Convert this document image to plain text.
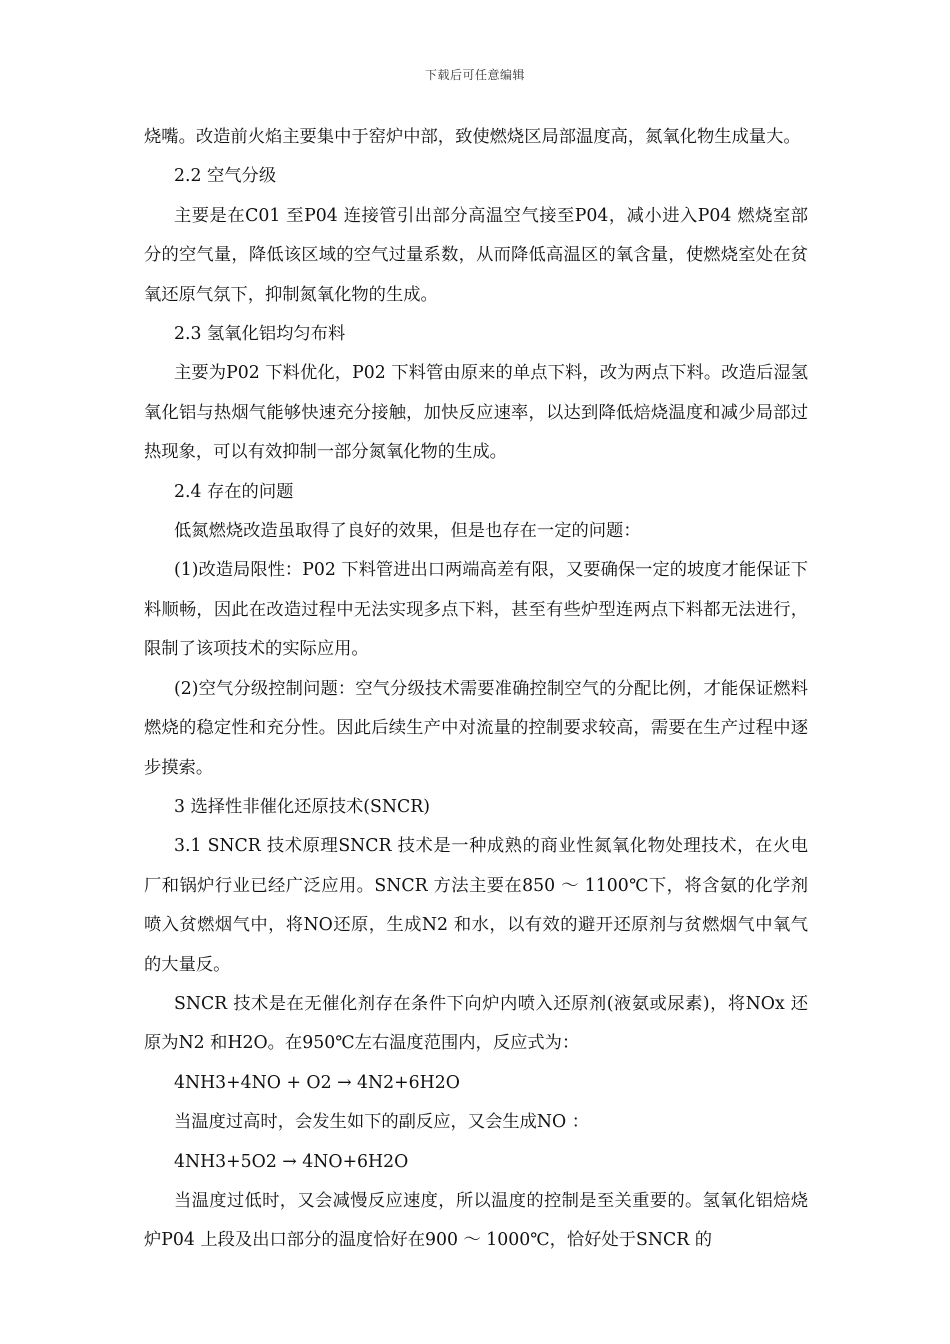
下载后可任意编辑

烧嘴。改造前火焰主要集中于窑炉中部，致使燃烧区局部温度高，氮氧化物生成量大。

2.2 空气分级

主要是在C01 至P04 连接管引出部分高温空气接至P04，减小进入P04 燃烧室部分的空气量，降低该区域的空气过量系数，从而降低高温区的氧含量，使燃烧室处在贫氧还原气氛下，抑制氮氧化物的生成。

2.3 氢氧化铝均匀布料

主要为P02 下料优化，P02 下料管由原来的单点下料，改为两点下料。改造后湿氢氧化铝与热烟气能够快速充分接触，加快反应速率，以达到降低焙烧温度和减少局部过热现象，可以有效抑制一部分氮氧化物的生成。

2.4 存在的问题

低氮燃烧改造虽取得了良好的效果，但是也存在一定的问题：

(1)改造局限性：P02 下料管进出口两端高差有限，又要确保一定的坡度才能保证下料顺畅，因此在改造过程中无法实现多点下料，甚至有些炉型连两点下料都无法进行，限制了该项技术的实际应用。

(2)空气分级控制问题：空气分级技术需要准确控制空气的分配比例，才能保证燃料燃烧的稳定性和充分性。因此后续生产中对流量的控制要求较高，需要在生产过程中逐步摸索。

3 选择性非催化还原技术(SNCR)

3.1 SNCR 技术原理SNCR 技术是一种成熟的商业性氮氧化物处理技术，在火电厂和锅炉行业已经广泛应用。SNCR 方法主要在850 ～ 1100℃下，将含氨的化学剂喷入贫燃烟气中，将NO还原，生成N2 和水，以有效的避开还原剂与贫燃烟气中氧气的大量反。

SNCR 技术是在无催化剂存在条件下向炉内喷入还原剂(液氨或尿素)，将NOx 还原为N2 和H2O。在950℃左右温度范围内，反应式为：

4NH3+4NO + O2 → 4N2+6H2O

当温度过高时，会发生如下的副反应，又会生成NO ：

4NH3+5O2 → 4NO+6H2O

当温度过低时，又会减慢反应速度，所以温度的控制是至关重要的。氢氧化铝焙烧炉P04 上段及出口部分的温度恰好在900 ～ 1000℃，恰好处于SNCR 的
